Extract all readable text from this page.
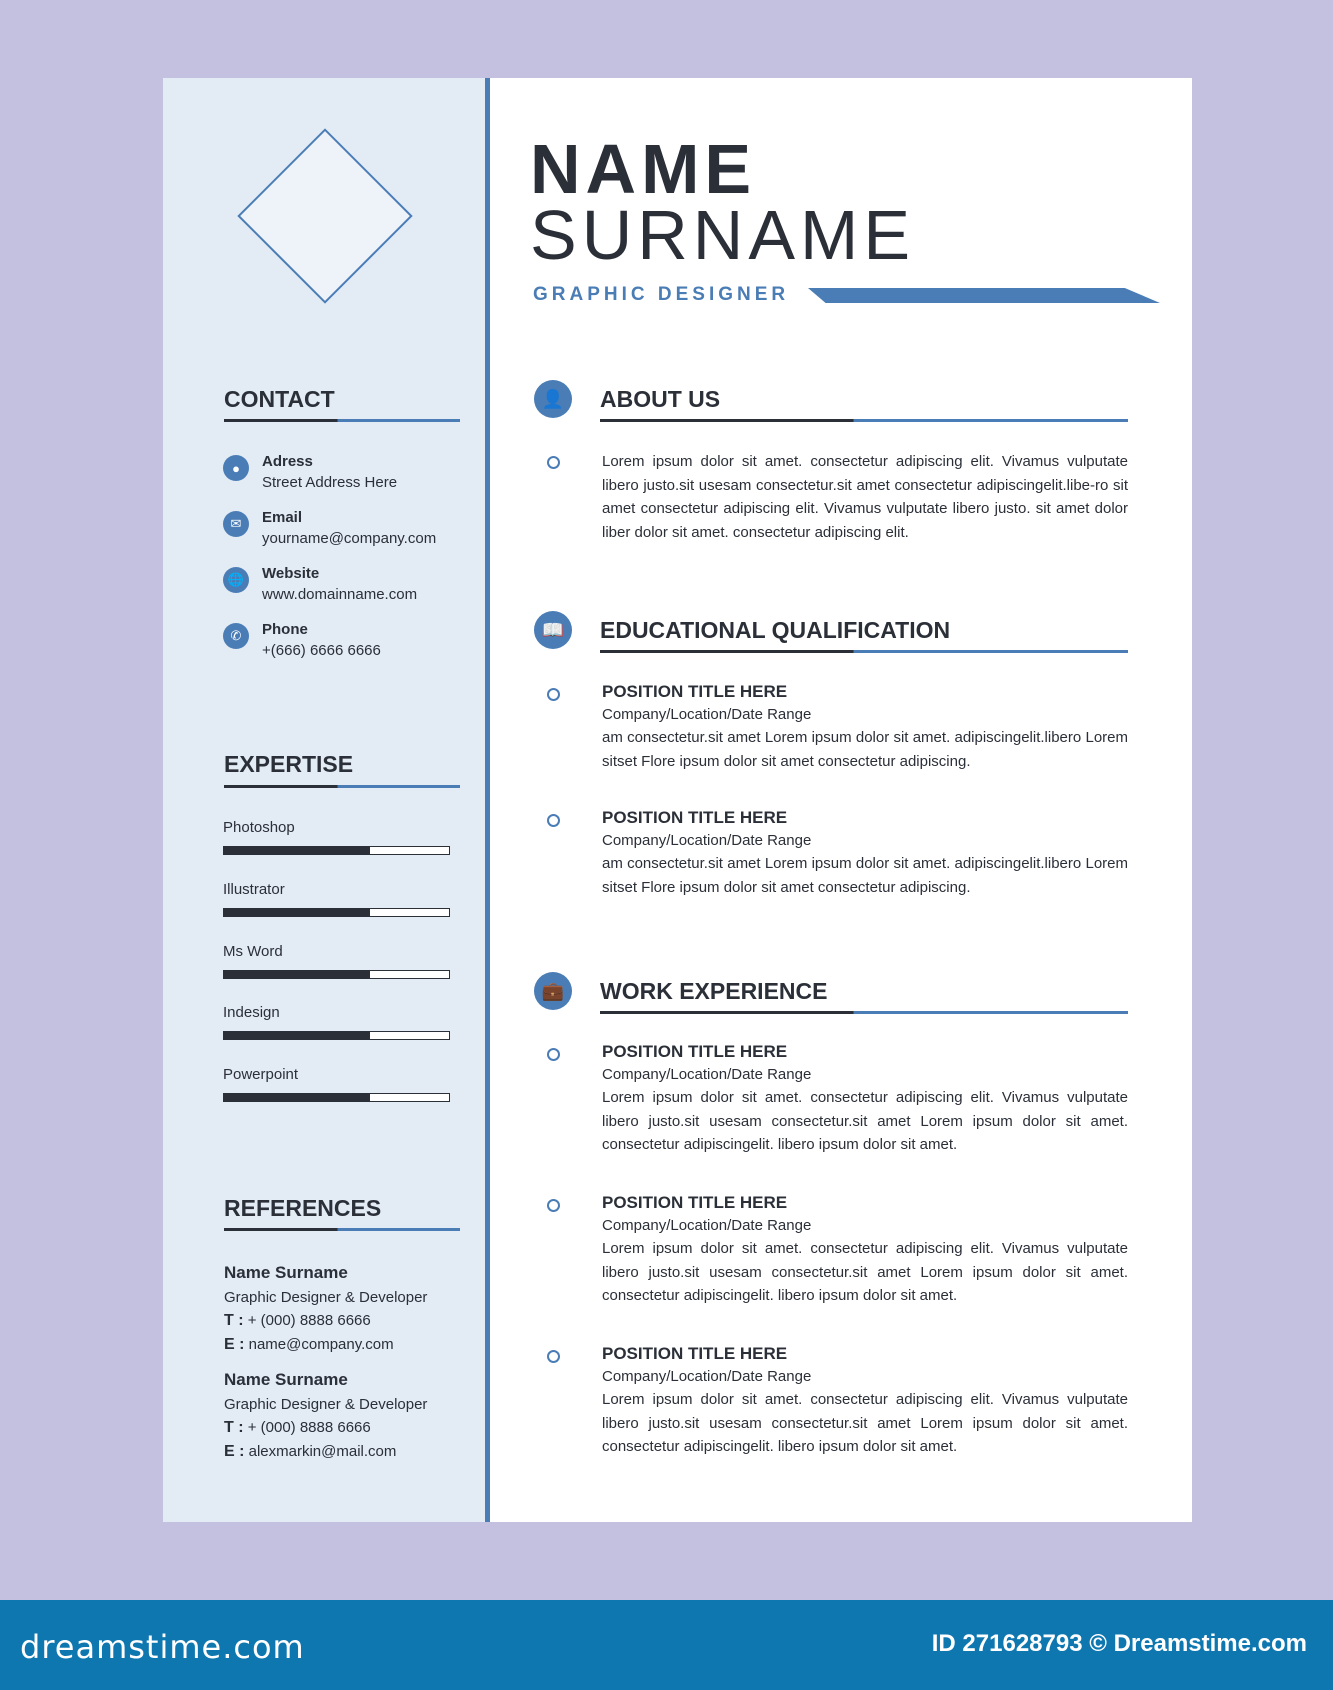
CONTACT
●	Adress
Street Address Here
✉	Email
yourname@company.com
🌐	Website
www.domainname.com
✆	Phone
+(666) 6666 6666
EXPERTISE
Photoshop
Illustrator
Ms Word
Indesign
Powerpoint
REFERENCES
Name Surname
Graphic Designer & Developer
T : + (000) 8888 6666
E : name@company.com
Name Surname
Graphic Designer & Developer
T : + (000) 8888 6666
E : alexmarkin@mail.com
NAME
SURNAME
GRAPHIC DESIGNER
👤	ABOUT US
Lorem ipsum dolor sit amet. consectetur adipiscing elit. Vivamus vulputate libero justo.sit usesam consectetur.sit amet consectetur adipiscingelit.libe-ro sit amet consectetur adipiscing elit. Vivamus vulputate libero justo. sit amet dolor liber dolor sit amet. consectetur adipiscing elit.
📖	EDUCATIONAL QUALIFICATION
POSITION TITLE HERE
Company/Location/Date Range
am consectetur.sit amet Lorem ipsum dolor sit amet. adipiscingelit.libero Lorem sitset Flore ipsum dolor sit amet consectetur adipiscing.
POSITION TITLE HERE
Company/Location/Date Range
am consectetur.sit amet Lorem ipsum dolor sit amet. adipiscingelit.libero Lorem sitset Flore ipsum dolor sit amet consectetur adipiscing.
💼	WORK EXPERIENCE
POSITION TITLE HERE
Company/Location/Date Range
Lorem ipsum dolor sit amet. consectetur adipiscing elit. Vivamus vulputate libero justo.sit usesam consectetur.sit amet Lorem ipsum dolor sit amet. consectetur adipiscingelit. libero ipsum dolor sit amet.
POSITION TITLE HERE
Company/Location/Date Range
Lorem ipsum dolor sit amet. consectetur adipiscing elit. Vivamus vulputate libero justo.sit usesam consectetur.sit amet Lorem ipsum dolor sit amet. consectetur adipiscingelit. libero ipsum dolor sit amet.
POSITION TITLE HERE
Company/Location/Date Range
Lorem ipsum dolor sit amet. consectetur adipiscing elit. Vivamus vulputate libero justo.sit usesam consectetur.sit amet Lorem ipsum dolor sit amet. consectetur adipiscingelit. libero ipsum dolor sit amet.
dreamstime.com	ID 271628793 © Dreamstime.com
